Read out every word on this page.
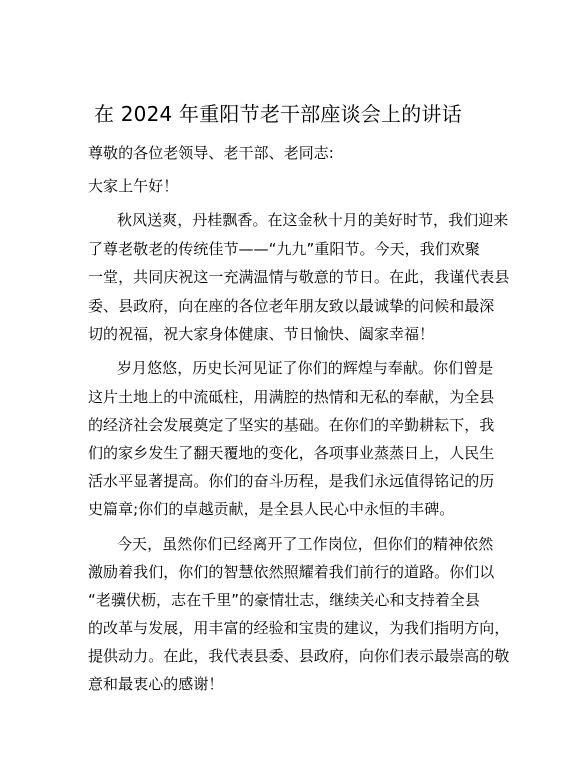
在 2024 年重阳节老干部座谈会上的讲话
尊敬的各位老领导、老干部、老同志:
大家上午好！
秋风送爽，丹桂飘香。在这金秋十月的美好时节，我们迎来
了尊老敬老的传统佳节——“九九”重阳节。今天，我们欢聚
一堂，共同庆祝这一充满温情与敬意的节日。在此，我谨代表县
委、县政府，向在座的各位老年朋友致以最诚挚的问候和最深
切的祝福，祝大家身体健康、节日愉快、阖家幸福！
岁月悠悠，历史长河见证了你们的辉煌与奉献。你们曾是
这片土地上的中流砥柱，用满腔的热情和无私的奉献，为全县
的经济社会发展奠定了坚实的基础。在你们的辛勤耕耘下，我
们的家乡发生了翻天覆地的变化，各项事业蒸蒸日上，人民生
活水平显著提高。你们的奋斗历程，是我们永远值得铭记的历
史篇章;你们的卓越贡献，是全县人民心中永恒的丰碑。
今天，虽然你们已经离开了工作岗位，但你们的精神依然
激励着我们，你们的智慧依然照耀着我们前行的道路。你们以
“老骥伏枥，志在千里”的豪情壮志，继续关心和支持着全县
的改革与发展，用丰富的经验和宝贵的建议，为我们指明方向，
提供动力。在此，我代表县委、县政府，向你们表示最崇高的敬
意和最衷心的感谢！
